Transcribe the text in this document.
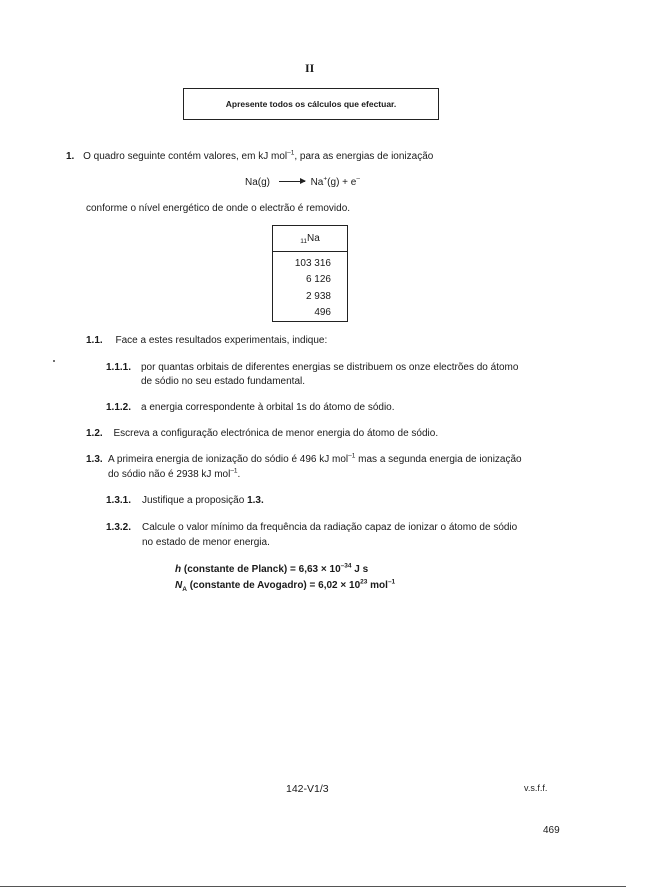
II
Apresente todos os cálculos que efectuar.
1. O quadro seguinte contém valores, em kJ mol$^{-1}$, para as energias de ionização
Na(g) → Na+(g) + e–
conforme o nível energético de onde o electrão é removido.
11 Na
103 316
6 126
2 938
496
1.1. Face a estes resultados experimentais, indique:
1.1.1. por quantas orbitais de diferentes energias se distribuem os onze electrões do átomo
de sódio no seu estado fundamental.
1.1.2. a energia correspondente à orbital 1s do átomo de sódio.
1.2. Escreva a configuração electrónica de menor energia do átomo de sódio.
1.3. A primeira energia de ionização do sódio é 496 kJ mol$^{-1}$ mas a segunda energia de ionização
do sódio não é 2938 kJ mol$^{-1}$.
1.3.1. Justifique a proposição 1.3.
1.3.2. Calcule o valor mínimo da frequência da radiação capaz de ionizar o átomo de sódio
no estado de menor energia.
h (constante de Planck) = $6,63 \times 10^{-34}$ J s
$N_A$ (constante de Avogadro) = $6,02 \times 10^{23}$ mol$^{-1}$
142-V1/3	v.s.f.f.
469
